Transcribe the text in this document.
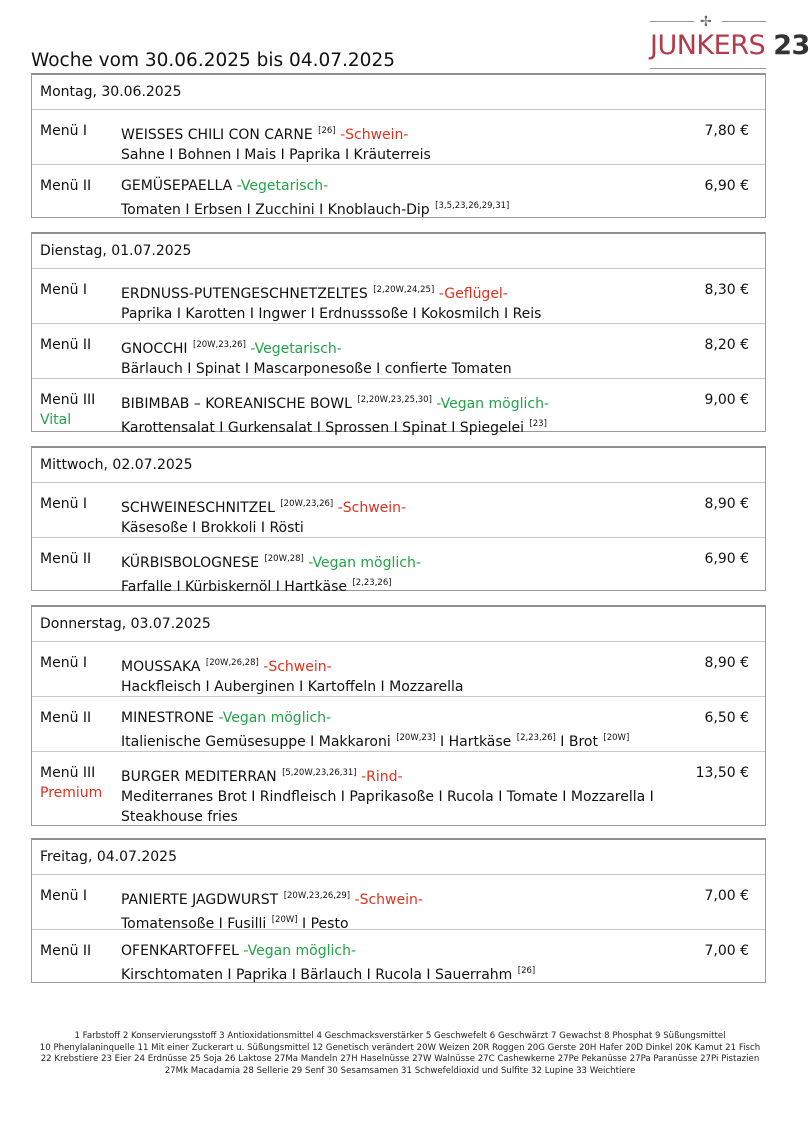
✢
JUNKERS 23
Woche vom 30.06.2025 bis 04.07.2025
Montag, 30.06.2025
Menü I WEISSES CHILI CON CARNE [26] -Schwein-
Sahne I Bohnen I Mais I Paprika I Kräuterreis
7,80 €
Menü II GEMÜSEPAELLA -Vegetarisch-
Tomaten I Erbsen I Zucchini I Knoblauch-Dip [3,5,23,26,29,31]
6,90 €
Dienstag, 01.07.2025
Menü I ERDNUSS-PUTENGESCHNETZELTES [2,20W,24,25] -Geflügel-
Paprika I Karotten I Ingwer I Erdnusssoße I Kokosmilch I Reis
8,30 €
Menü II GNOCCHI [20W,23,26] -Vegetarisch-
Bärlauch I Spinat I Mascarponesoße I confierte Tomaten
8,20 €
Menü III
Vital
BIBIMBAB – KOREANISCHE BOWL [2,20W,23,25,30] -Vegan möglich-
Karottensalat I Gurkensalat I Sprossen I Spinat I Spiegelei [23]
9,00 €
Mittwoch, 02.07.2025
Menü I SCHWEINESCHNITZEL [20W,23,26] -Schwein-
Käsesoße I Brokkoli I Rösti
8,90 €
Menü II KÜRBISBOLOGNESE [20W,28] -Vegan möglich-
Farfalle I Kürbiskernöl I Hartkäse [2,23,26]
6,90 €
Donnerstag, 03.07.2025
Menü I MOUSSAKA [20W,26,28] -Schwein-
Hackfleisch I Auberginen I Kartoffeln I Mozzarella
8,90 €
Menü II MINESTRONE -Vegan möglich-
Italienische Gemüsesuppe I Makkaroni [20W,23] I Hartkäse [2,23,26] I Brot [20W]
6,50 €
Menü III
Premium
BURGER MEDITERRAN [5,20W,23,26,31] -Rind-
Mediterranes Brot I Rindfleisch I Paprikasoße I Rucola I Tomate I Mozzarella I Steakhouse fries
13,50 €
Freitag, 04.07.2025
Menü I PANIERTE JAGDWURST [20W,23,26,29] -Schwein-
Tomatensoße I Fusilli [20W] I Pesto
7,00 €
Menü II OFENKARTOFFEL -Vegan möglich-
Kirschtomaten I Paprika I Bärlauch I Rucola I Sauerrahm [26]
7,00 €
1 Farbstoff 2 Konservierungsstoff 3 Antioxidationsmittel 4 Geschmacksverstärker 5 Geschwefelt 6 Geschwärzt 7 Gewachst 8 Phosphat 9 Süßungsmittel
10 Phenylalaninquelle 11 Mit einer Zuckerart u. Süßungsmittel 12 Genetisch verändert 20W Weizen 20R Roggen 20G Gerste 20H Hafer 20D Dinkel 20K Kamut 21 Fisch
22 Krebstiere 23 Eier 24 Erdnüsse 25 Soja 26 Laktose 27Ma Mandeln 27H Haselnüsse 27W Walnüsse 27C Cashewkerne 27Pe Pekanüsse 27Pa Paranüsse 27Pi Pistazien
27Mk Macadamia 28 Sellerie 29 Senf 30 Sesamsamen 31 Schwefeldioxid und Sulfite 32 Lupine 33 Weichtiere
